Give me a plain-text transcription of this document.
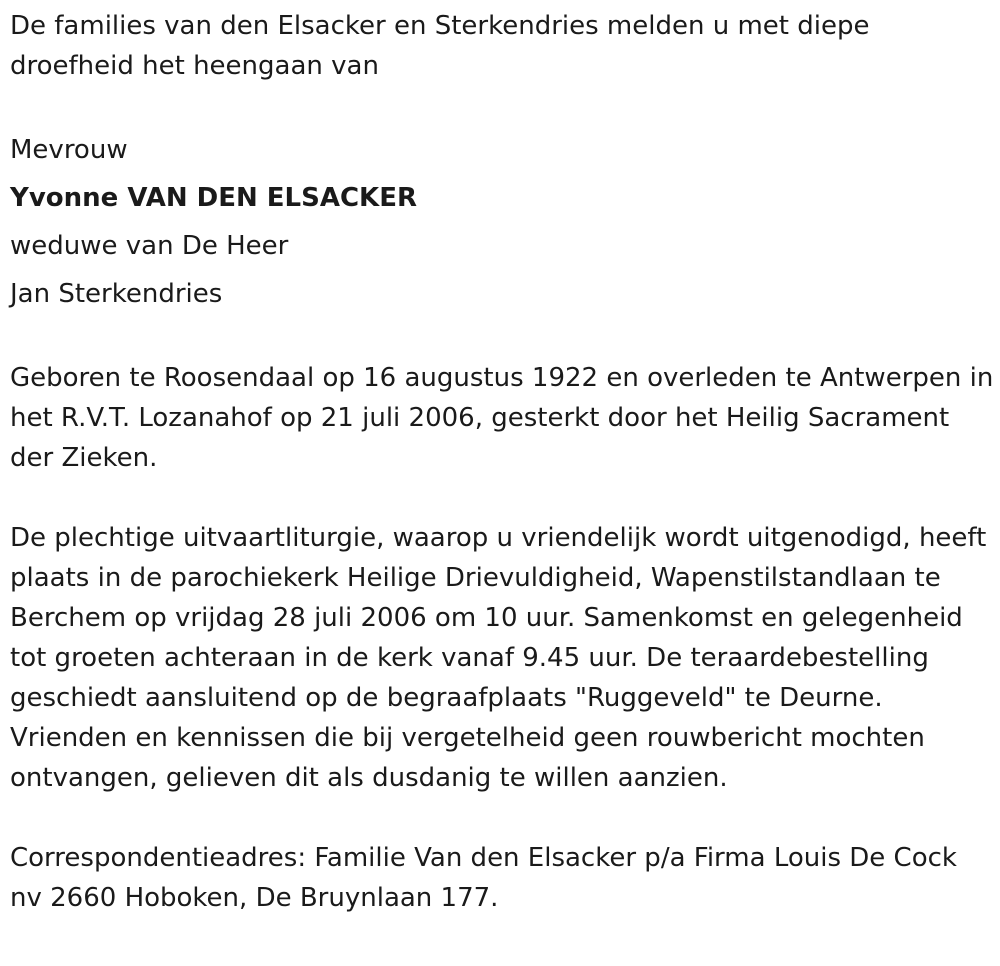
De families van den Elsacker en Sterkendries melden u met diepe droefheid het heengaan van

Mevrouw
Yvonne VAN DEN ELSACKER
weduwe van De Heer
Jan Sterkendries

Geboren te Roosendaal op 16 augustus 1922 en overleden te Antwerpen in het R.V.T. Lozanahof op 21 juli 2006, gesterkt door het Heilig Sacrament der Zieken.

De plechtige uitvaartliturgie, waarop u vriendelijk wordt uitgenodigd, heeft plaats in de parochiekerk Heilige Drievuldigheid, Wapenstilstandlaan te Berchem op vrijdag 28 juli 2006 om 10 uur. Samenkomst en gelegenheid tot groeten achteraan in de kerk vanaf 9.45 uur. De teraardebestelling geschiedt aansluitend op de begraafplaats "Ruggeveld" te Deurne. Vrienden en kennissen die bij vergetelheid geen rouwbericht mochten ontvangen, gelieven dit als dusdanig te willen aanzien.

Correspondentieadres: Familie Van den Elsacker p/a Firma Louis De Cock nv 2660 Hoboken, De Bruynlaan 177.
